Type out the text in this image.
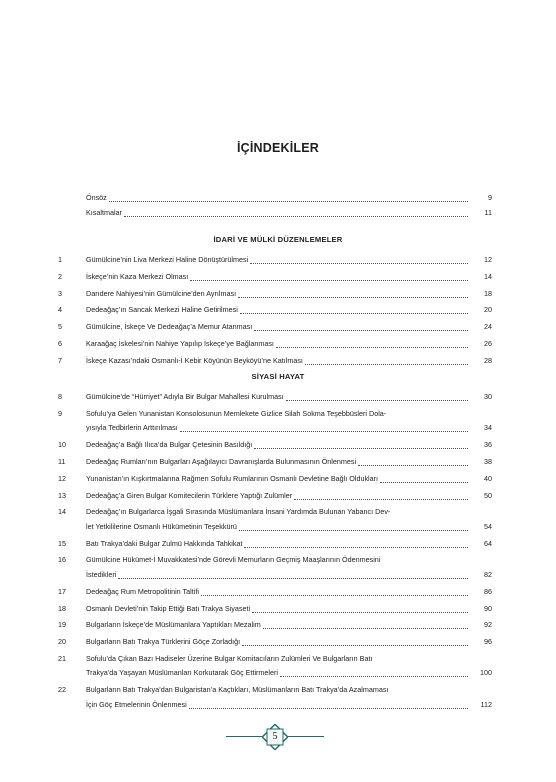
İÇİNDEKİLER
Önsöz	9
Kısaltmalar	11
İDARİ VE MÜLKİ DÜZENLEMELER
1	Gümülcine’nin Liva Merkezi Haline Dönüştürülmesi	12
2	İskeçe’nin Kaza Merkezi Olması	14
3	Darıdere Nahiyesi’nin Gümülcine’den Ayrılması	18
4	Dedeağaç’ın Sancak Merkezi Haline Getirilmesi	20
5	Gümülcine, İskeçe Ve Dedeağaç’a Memur Atanması	24
6	Karaağaç İskelesi’nin Nahiye Yapılıp İskeçe’ye Bağlanması	26
7	İskeçe Kazası’ndaki Osmanlı-İ Kebir Köyünün Beyköyü’ne Katılması	28
SİYASİ HAYAT
8	Gümülcine’de “Hürriyet” Adıyla Bir Bulgar Mahallesi Kurulması	30
9	Sofulu’ya Gelen Yunanistan Konsolosunun Memlekete Gizlice Silah Sokma Teşebbüsleri Dola-
yısıyla Tedbirlerin Arttırılması	34
10	Dedeağaç’a Bağlı Ilıca’da Bulgar Çetesinin Basıldığı	36
11	Dedeağaç Rumları’nın Bulgarları Aşağılayıcı Davranışlarda Bulunmasının Önlenmesi	38
12	Yunanistan’ın Kışkırtmalarına Rağmen Sofulu Rumlarının Osmanlı Devletine Bağlı Oldukları	40
13	Dedeağaç’a Giren Bulgar Komitecilerin Türklere Yaptığı Zulümler	50
14	Dedeağaç’ın Bulgarlarca İşgali Sırasında Müslümanlara İnsani Yardımda Bulunan Yabancı Dev-
let Yetkililerine Osmanlı Hükümetinin Teşekkürü	54
15	Batı Trakya’daki Bulgar Zulmü Hakkında Tahkikat	64
16	Gümülcine Hükümet-İ Muvakkatesi’nde Görevli Memurların Geçmiş Maaşlarının Ödenmesini
İstedikleri	82
17	Dedeağaç Rum Metropolitinin Taltifi	86
18	Osmanlı Devleti’nin Takip Ettiği Batı Trakya Siyaseti	90
19	Bulgarların İskeçe’de Müslümanlara Yaptıkları Mezalim	92
20	Bulgarların Batı Trakya Türklerini Göçe Zorladığı	96
21	Sofulu’da Çıkan Bazı Hadiseler Üzerine Bulgar Komitacıların Zulümleri Ve Bulgarların Batı
Trakya’da Yaşayan Müslümanları Korkutarak Göç Ettirmeleri	100
22	Bulgarların Batı Trakya’dan Bulgaristan’a Kaçtıkları, Müslümanların Batı Trakya’da Azalmaması
İçin Göç Etmelerinin Önlenmesi	112
5
